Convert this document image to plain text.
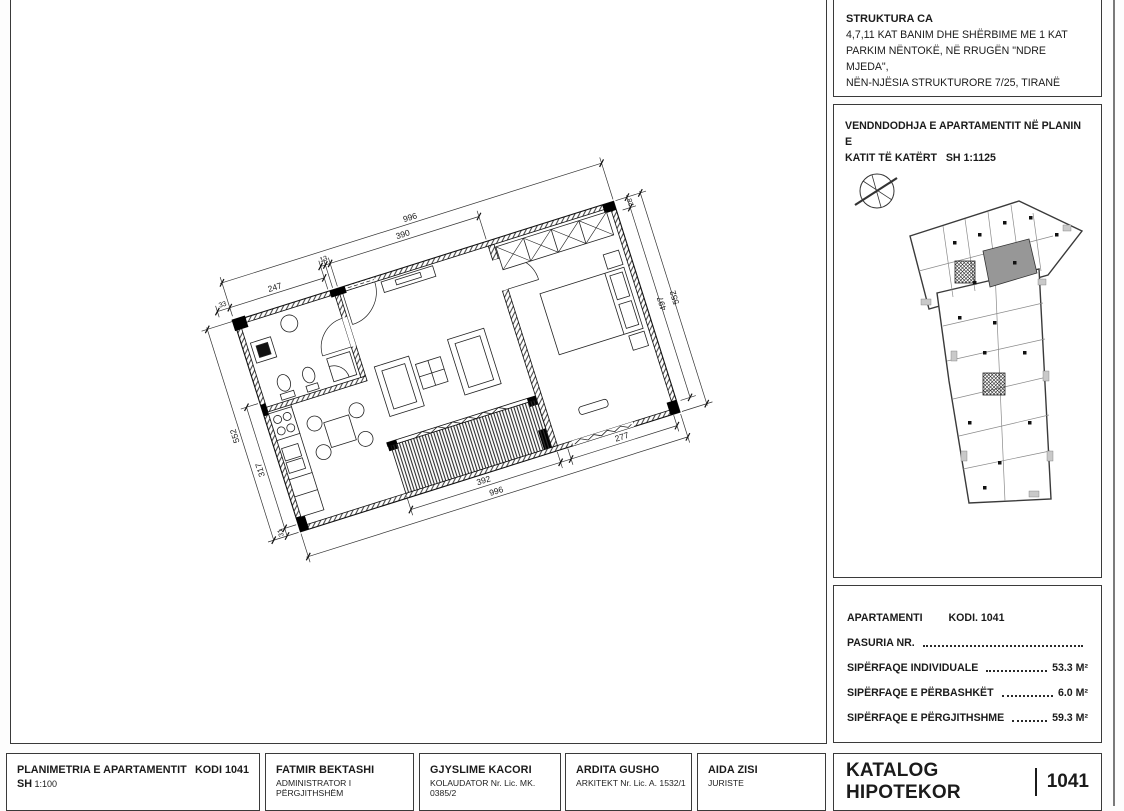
996
390
13
247
33	552
497
28
392
277
996
552
317
31
STRUKTURA CA
4,7,11 KAT BANIM DHE SHËRBIME ME 1 KAT
PARKIM NËNTOKË, NË RRUGËN "NDRE MJEDA",
NËN-NJËSIA STRUKTURORE 7/25, TIRANË
VENDNDODHJA E APARTAMENTIT NË PLANIN E
KATIT TË KATËRT SH 1:1125
APARTAMENTI KODI. 1041
PASURIA NR.
SIPËRFAQE INDIVIDUALE	53.3 M²
SIPËRFAQE E PËRBASHKËT	6.0 M²
SIPËRFAQE E PËRGJITHSHME	59.3 M²
PLANIMETRIA E APARTAMENTIT KODI 1041
SH 1:100
FATMIR BEKTASHI
ADMINISTRATOR I PËRGJITHSHËM
GJYSLIME KACORI
KOLAUDATOR Nr. Lic. MK. 0385/2
ARDITA GUSHO
ARKITEKT Nr. Lic. A. 1532/1
AIDA ZISI
JURISTE
KATALOG HIPOTEKOR
1041
